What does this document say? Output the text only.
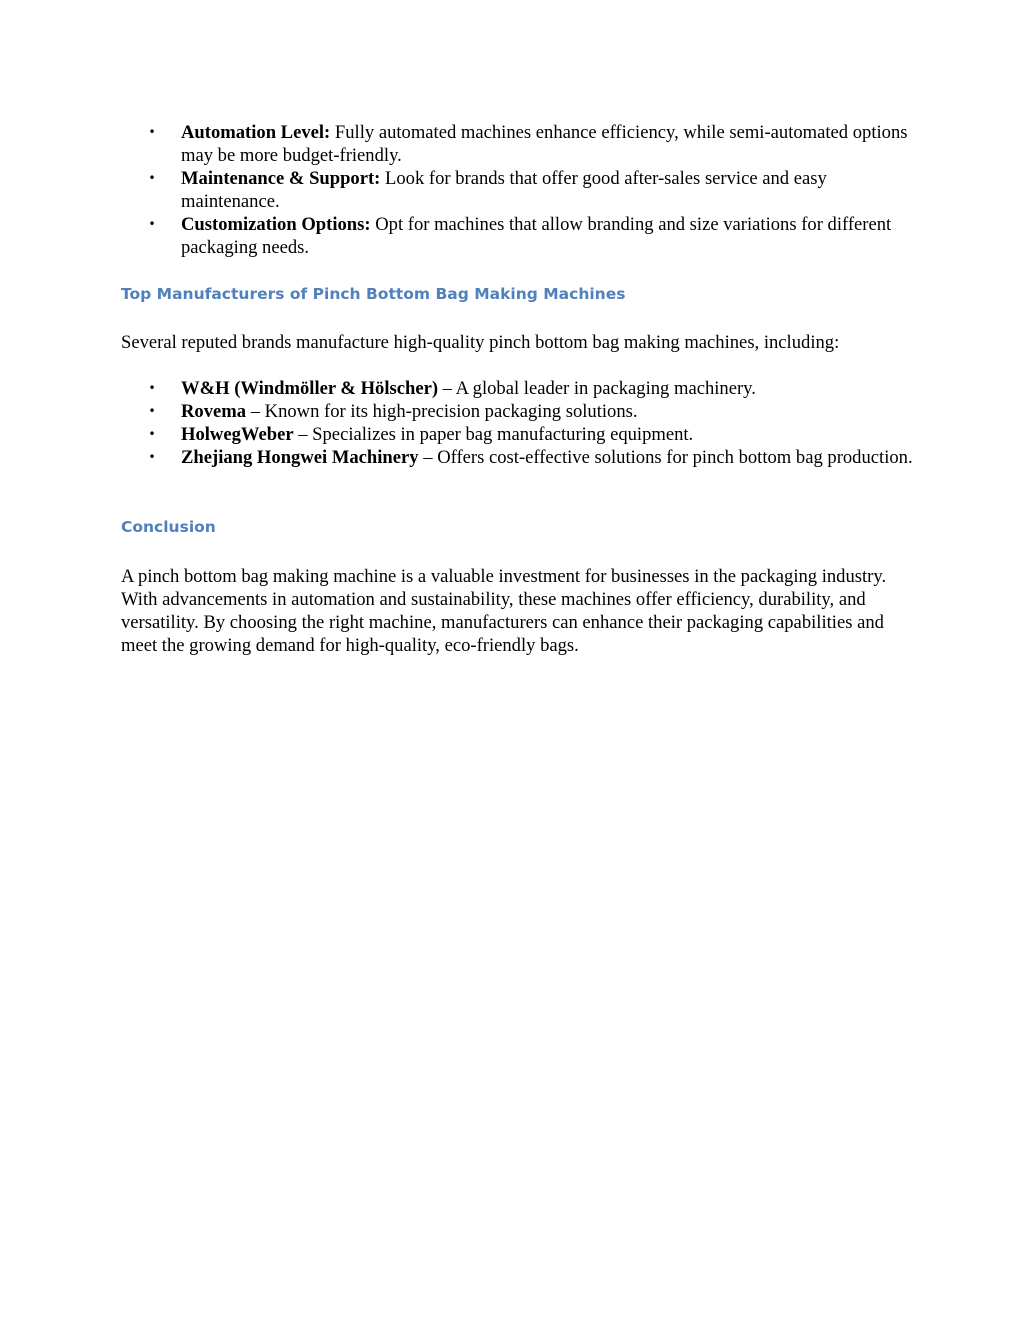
• Automation Level: Fully automated machines enhance efficiency, while semi-automated options may be more budget-friendly.
• Maintenance & Support: Look for brands that offer good after-sales service and easy maintenance.
• Customization Options: Opt for machines that allow branding and size variations for different packaging needs.
Top Manufacturers of Pinch Bottom Bag Making Machines

Several reputed brands manufacture high-quality pinch bottom bag making machines, including:

• W&H (Windmöller & Hölscher) – A global leader in packaging machinery.
• Rovema – Known for its high-precision packaging solutions.
• HolwegWeber – Specializes in paper bag manufacturing equipment.
• Zhejiang Hongwei Machinery – Offers cost-effective solutions for pinch bottom bag production.
Conclusion

A pinch bottom bag making machine is a valuable investment for businesses in the packaging industry. With advancements in automation and sustainability, these machines offer efficiency, durability, and versatility. By choosing the right machine, manufacturers can enhance their packaging capabilities and meet the growing demand for high-quality, eco-friendly bags.
